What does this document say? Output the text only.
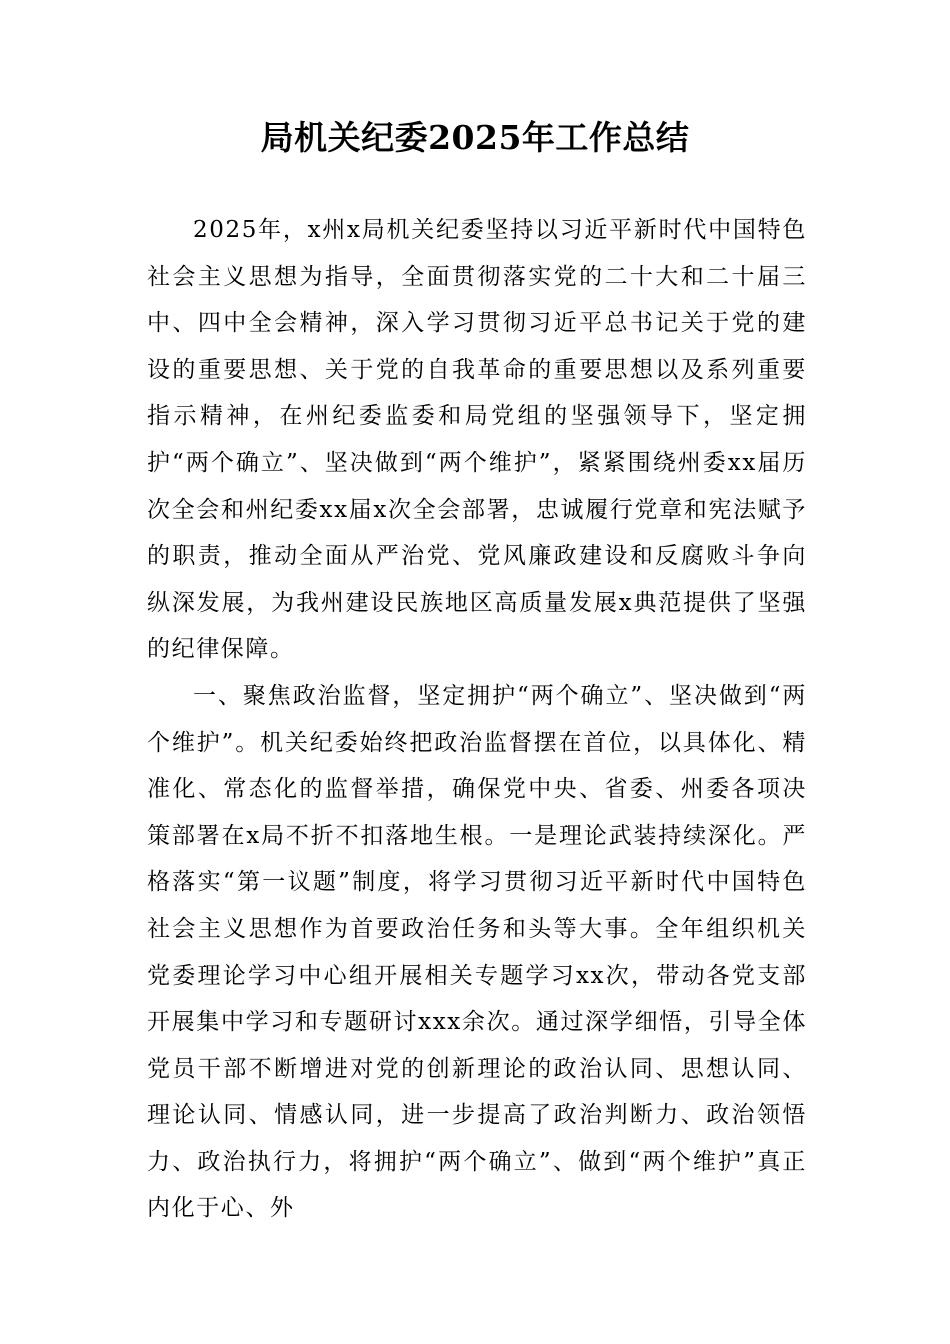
局机关纪委2025年工作总结

2025年，x州x局机关纪委坚持以习近平新时代中国特色社会主义思想为指导，全面贯彻落实党的二十大和二十届三中、四中全会精神，深入学习贯彻习近平总书记关于党的建设的重要思想、关于党的自我革命的重要思想以及系列重要指示精神，在州纪委监委和局党组的坚强领导下，坚定拥护“两个确立”、坚决做到“两个维护”，紧紧围绕州委xx届历次全会和州纪委xx届x次全会部署，忠诚履行党章和宪法赋予的职责，推动全面从严治党、党风廉政建设和反腐败斗争向纵深发展，为我州建设民族地区高质量发展x典范提供了坚强的纪律保障。

一、聚焦政治监督，坚定拥护“两个确立”、坚决做到“两个维护”。机关纪委始终把政治监督摆在首位，以具体化、精准化、常态化的监督举措，确保党中央、省委、州委各项决策部署在x局不折不扣落地生根。一是理论武装持续深化。严格落实“第一议题”制度，将学习贯彻习近平新时代中国特色社会主义思想作为首要政治任务和头等大事。全年组织机关党委理论学习中心组开展相关专题学习xx次，带动各党支部开展集中学习和专题研讨xxx余次。通过深学细悟，引导全体党员干部不断增进对党的创新理论的政治认同、思想认同、理论认同、情感认同，进一步提高了政治判断力、政治领悟力、政治执行力，将拥护“两个确立”、做到“两个维护”真正内化于心、外
